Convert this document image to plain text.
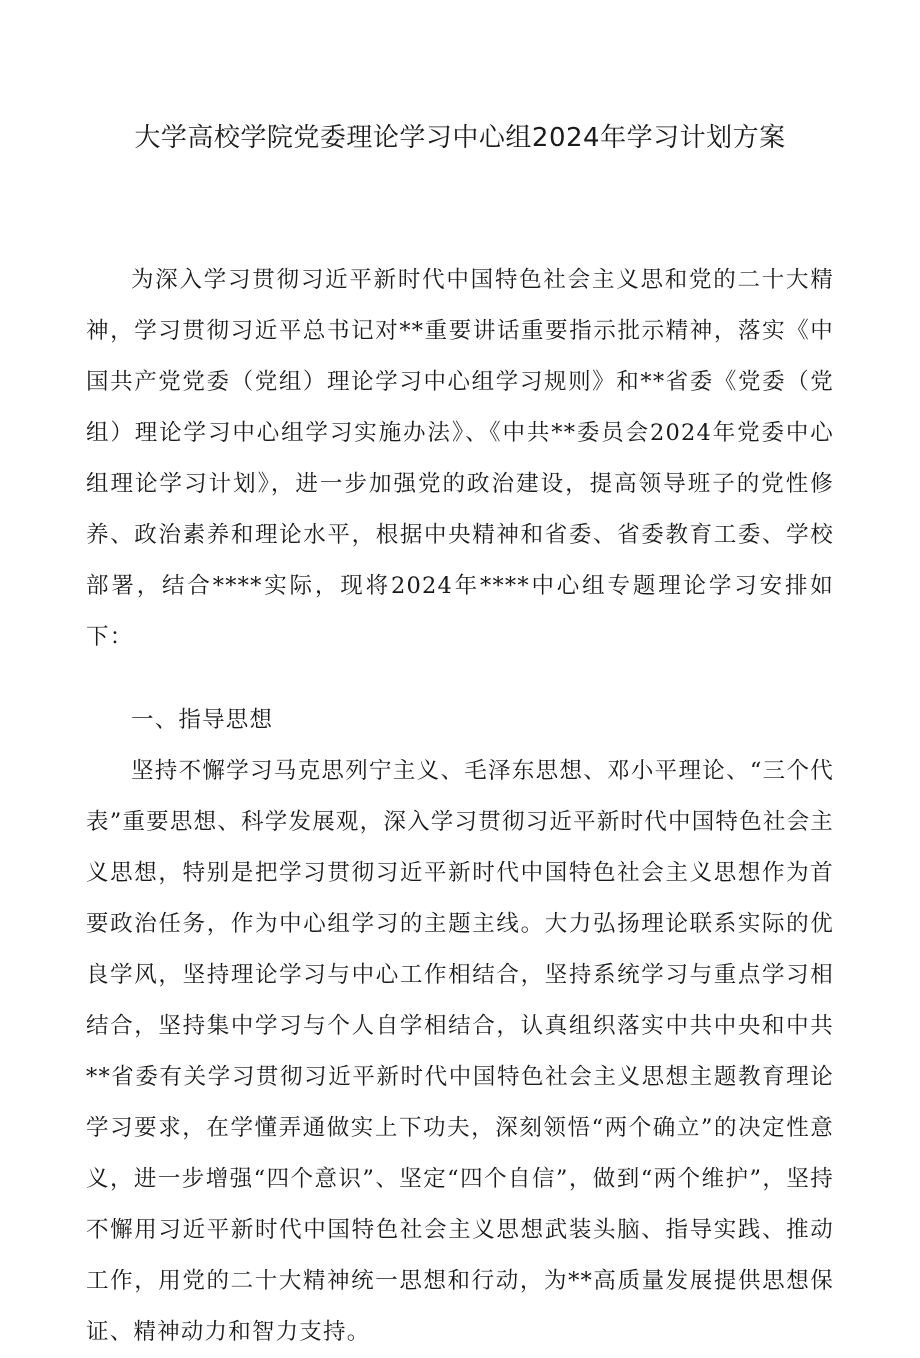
大学高校学院党委理论学习中心组2024年学习计划方案

为深入学习贯彻习近平新时代中国特色社会主义思和党的二十大精神，学习贯彻习近平总书记对**重要讲话重要指示批示精神，落实《中国共产党党委（党组）理论学习中心组学习规则》和**省委《党委（党组）理论学习中心组学习实施办法》、《中共**委员会2024年党委中心组理论学习计划》，进一步加强党的政治建设，提高领导班子的党性修养、政治素养和理论水平，根据中央精神和省委、省委教育工委、学校部署，结合****实际，现将2024年****中心组专题理论学习安排如下：

一、指导思想

坚持不懈学习马克思列宁主义、毛泽东思想、邓小平理论、“三个代表”重要思想、科学发展观，深入学习贯彻习近平新时代中国特色社会主义思想，特别是把学习贯彻习近平新时代中国特色社会主义思想作为首要政治任务，作为中心组学习的主题主线。大力弘扬理论联系实际的优良学风，坚持理论学习与中心工作相结合，坚持系统学习与重点学习相结合，坚持集中学习与个人自学相结合，认真组织落实中共中央和中共**省委有关学习贯彻习近平新时代中国特色社会主义思想主题教育理论学习要求，在学懂弄通做实上下功夫，深刻领悟“两个确立”的决定性意义，进一步增强“四个意识”、坚定“四个自信”，做到“两个维护”，坚持不懈用习近平新时代中国特色社会主义思想武装头脑、指导实践、推动工作，用党的二十大精神统一思想和行动，为**高质量发展提供思想保证、精神动力和智力支持。
